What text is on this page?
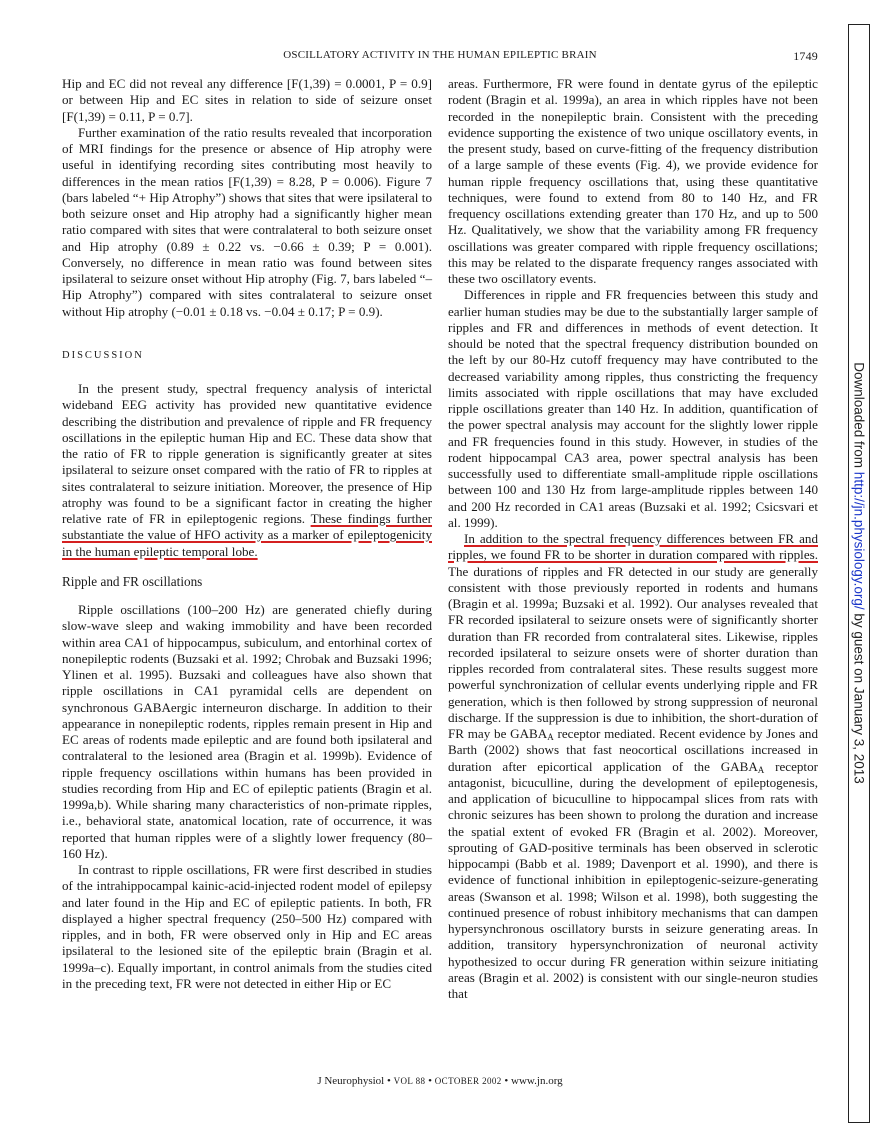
OSCILLATORY ACTIVITY IN THE HUMAN EPILEPTIC BRAIN	1749

Hip and EC did not reveal any difference [F(1,39) = 0.0001, P = 0.9] or between Hip and EC sites in relation to side of seizure onset [F(1,39) = 0.11, P = 0.7].

Further examination of the ratio results revealed that incorporation of MRI findings for the presence or absence of Hip atrophy were useful in identifying recording sites contributing most heavily to differences in the mean ratios [F(1,39) = 8.28, P = 0.006). Figure 7 (bars labeled “+ Hip Atrophy”) shows that sites that were ipsilateral to both seizure onset and Hip atrophy had a significantly higher mean ratio compared with sites that were contralateral to both seizure onset and Hip atrophy (0.89 ± 0.22 vs. −0.66 ± 0.39; P = 0.001). Conversely, no difference in mean ratio was found between sites ipsilateral to seizure onset without Hip atrophy (Fig. 7, bars labeled “–Hip Atrophy”) compared with sites contralateral to seizure onset without Hip atrophy (−0.01 ± 0.18 vs. −0.04 ± 0.17; P = 0.9).

DISCUSSION

In the present study, spectral frequency analysis of interictal wideband EEG activity has provided new quantitative evidence describing the distribution and prevalence of ripple and FR frequency oscillations in the epileptic human Hip and EC. These data show that the ratio of FR to ripple generation is significantly greater at sites ipsilateral to seizure onset compared with the ratio of FR to ripples at sites contralateral to seizure initiation. Moreover, the presence of Hip atrophy was found to be a significant factor in creating the higher relative rate of FR in epileptogenic regions. These findings further substantiate the value of HFO activity as a marker of epileptogenicity in the human epileptic temporal lobe.

Ripple and FR oscillations

Ripple oscillations (100–200 Hz) are generated chiefly during slow-wave sleep and waking immobility and have been recorded within area CA1 of hippocampus, subiculum, and entorhinal cortex of nonepileptic rodents (Buzsaki et al. 1992; Chrobak and Buzsaki 1996; Ylinen et al. 1995). Buzsaki and colleagues have also shown that ripple oscillations in CA1 pyramidal cells are dependent on synchronous GABAergic interneuron discharge. In addition to their appearance in nonepileptic rodents, ripples remain present in Hip and EC areas of rodents made epileptic and are found both ipsilateral and contralateral to the lesioned area (Bragin et al. 1999b). Evidence of ripple frequency oscillations within humans has been provided in studies recording from Hip and EC of epileptic patients (Bragin et al. 1999a,b). While sharing many characteristics of non-primate ripples, i.e., behavioral state, anatomical location, rate of occurrence, it was reported that human ripples were of a slightly lower frequency (80–160 Hz).

In contrast to ripple oscillations, FR were first described in studies of the intrahippocampal kainic-acid-injected rodent model of epilepsy and later found in the Hip and EC of epileptic patients. In both, FR displayed a higher spectral frequency (250–500 Hz) compared with ripples, and in both, FR were observed only in Hip and EC areas ipsilateral to the lesioned site of the epileptic brain (Bragin et al. 1999a–c). Equally important, in control animals from the studies cited in the preceding text, FR were not detected in either Hip or EC

areas. Furthermore, FR were found in dentate gyrus of the epileptic rodent (Bragin et al. 1999a), an area in which ripples have not been recorded in the nonepileptic brain. Consistent with the preceding evidence supporting the existence of two unique oscillatory events, in the present study, based on curve-fitting of the frequency distribution of a large sample of these events (Fig. 4), we provide evidence for human ripple frequency oscillations that, using these quantitative techniques, were found to extend from 80 to 140 Hz, and FR frequency oscillations extending greater than 170 Hz, and up to 500 Hz. Qualitatively, we show that the variability among FR frequency oscillations was greater compared with ripple frequency oscillations; this may be related to the disparate frequency ranges associated with these two oscillatory events.

Differences in ripple and FR frequencies between this study and earlier human studies may be due to the substantially larger sample of ripples and FR and differences in methods of event detection. It should be noted that the spectral frequency distribution bounded on the left by our 80-Hz cutoff frequency may have contributed to the decreased variability among ripples, thus constricting the frequency limits associated with ripple oscillations that may have excluded ripple oscillations greater than 140 Hz. In addition, quantification of the power spectral analysis may account for the slightly lower ripple and FR frequencies found in this study. However, in studies of the rodent hippocampal CA3 area, power spectral analysis has been successfully used to differentiate small-amplitude ripple oscillations between 100 and 130 Hz from large-amplitude ripples between 140 and 200 Hz recorded in CA1 areas (Buzsaki et al. 1992; Csicsvari et al. 1999).

In addition to the spectral frequency differences between FR and ripples, we found FR to be shorter in duration compared with ripples. The durations of ripples and FR detected in our study are generally consistent with those previously reported in rodents and humans (Bragin et al. 1999a; Buzsaki et al. 1992). Our analyses revealed that FR recorded ipsilateral to seizure onsets were of significantly shorter duration than FR recorded from contralateral sites. Likewise, ripples recorded ipsilateral to seizure onsets were of shorter duration than ripples recorded from contralateral sites. These results suggest more powerful synchronization of cellular events underlying ripple and FR generation, which is then followed by strong suppression of neuronal discharge. If the suppression is due to inhibition, the short-duration of FR may be $GABA_A$ receptor mediated. Recent evidence by Jones and Barth (2002) shows that fast neocortical oscillations increased in duration after epicortical application of the $GABA_A$ receptor antagonist, bicuculline, during the development of epileptogenesis, and application of bicuculline to hippocampal slices from rats with chronic seizures has been shown to prolong the duration and increase the spatial extent of evoked FR (Bragin et al. 2002). Moreover, sprouting of GAD-positive terminals has been observed in sclerotic hippocampi (Babb et al. 1989; Davenport et al. 1990), and there is evidence of functional inhibition in epileptogenic-seizure-generating areas (Swanson et al. 1998; Wilson et al. 1998), both suggesting the continued presence of robust inhibitory mechanisms that can dampen hypersynchronous oscillatory bursts in seizure generating areas. In addition, transitory hypersynchronization of neuronal activity hypothesized to occur during FR generation within seizure initiating areas (Bragin et al. 2002) is consistent with our single-neuron studies that

J Neurophysiol • VOL 88 • OCTOBER 2002 • www.jn.org
Downloaded from http://jn.physiology.org/ by guest on January 3, 2013
